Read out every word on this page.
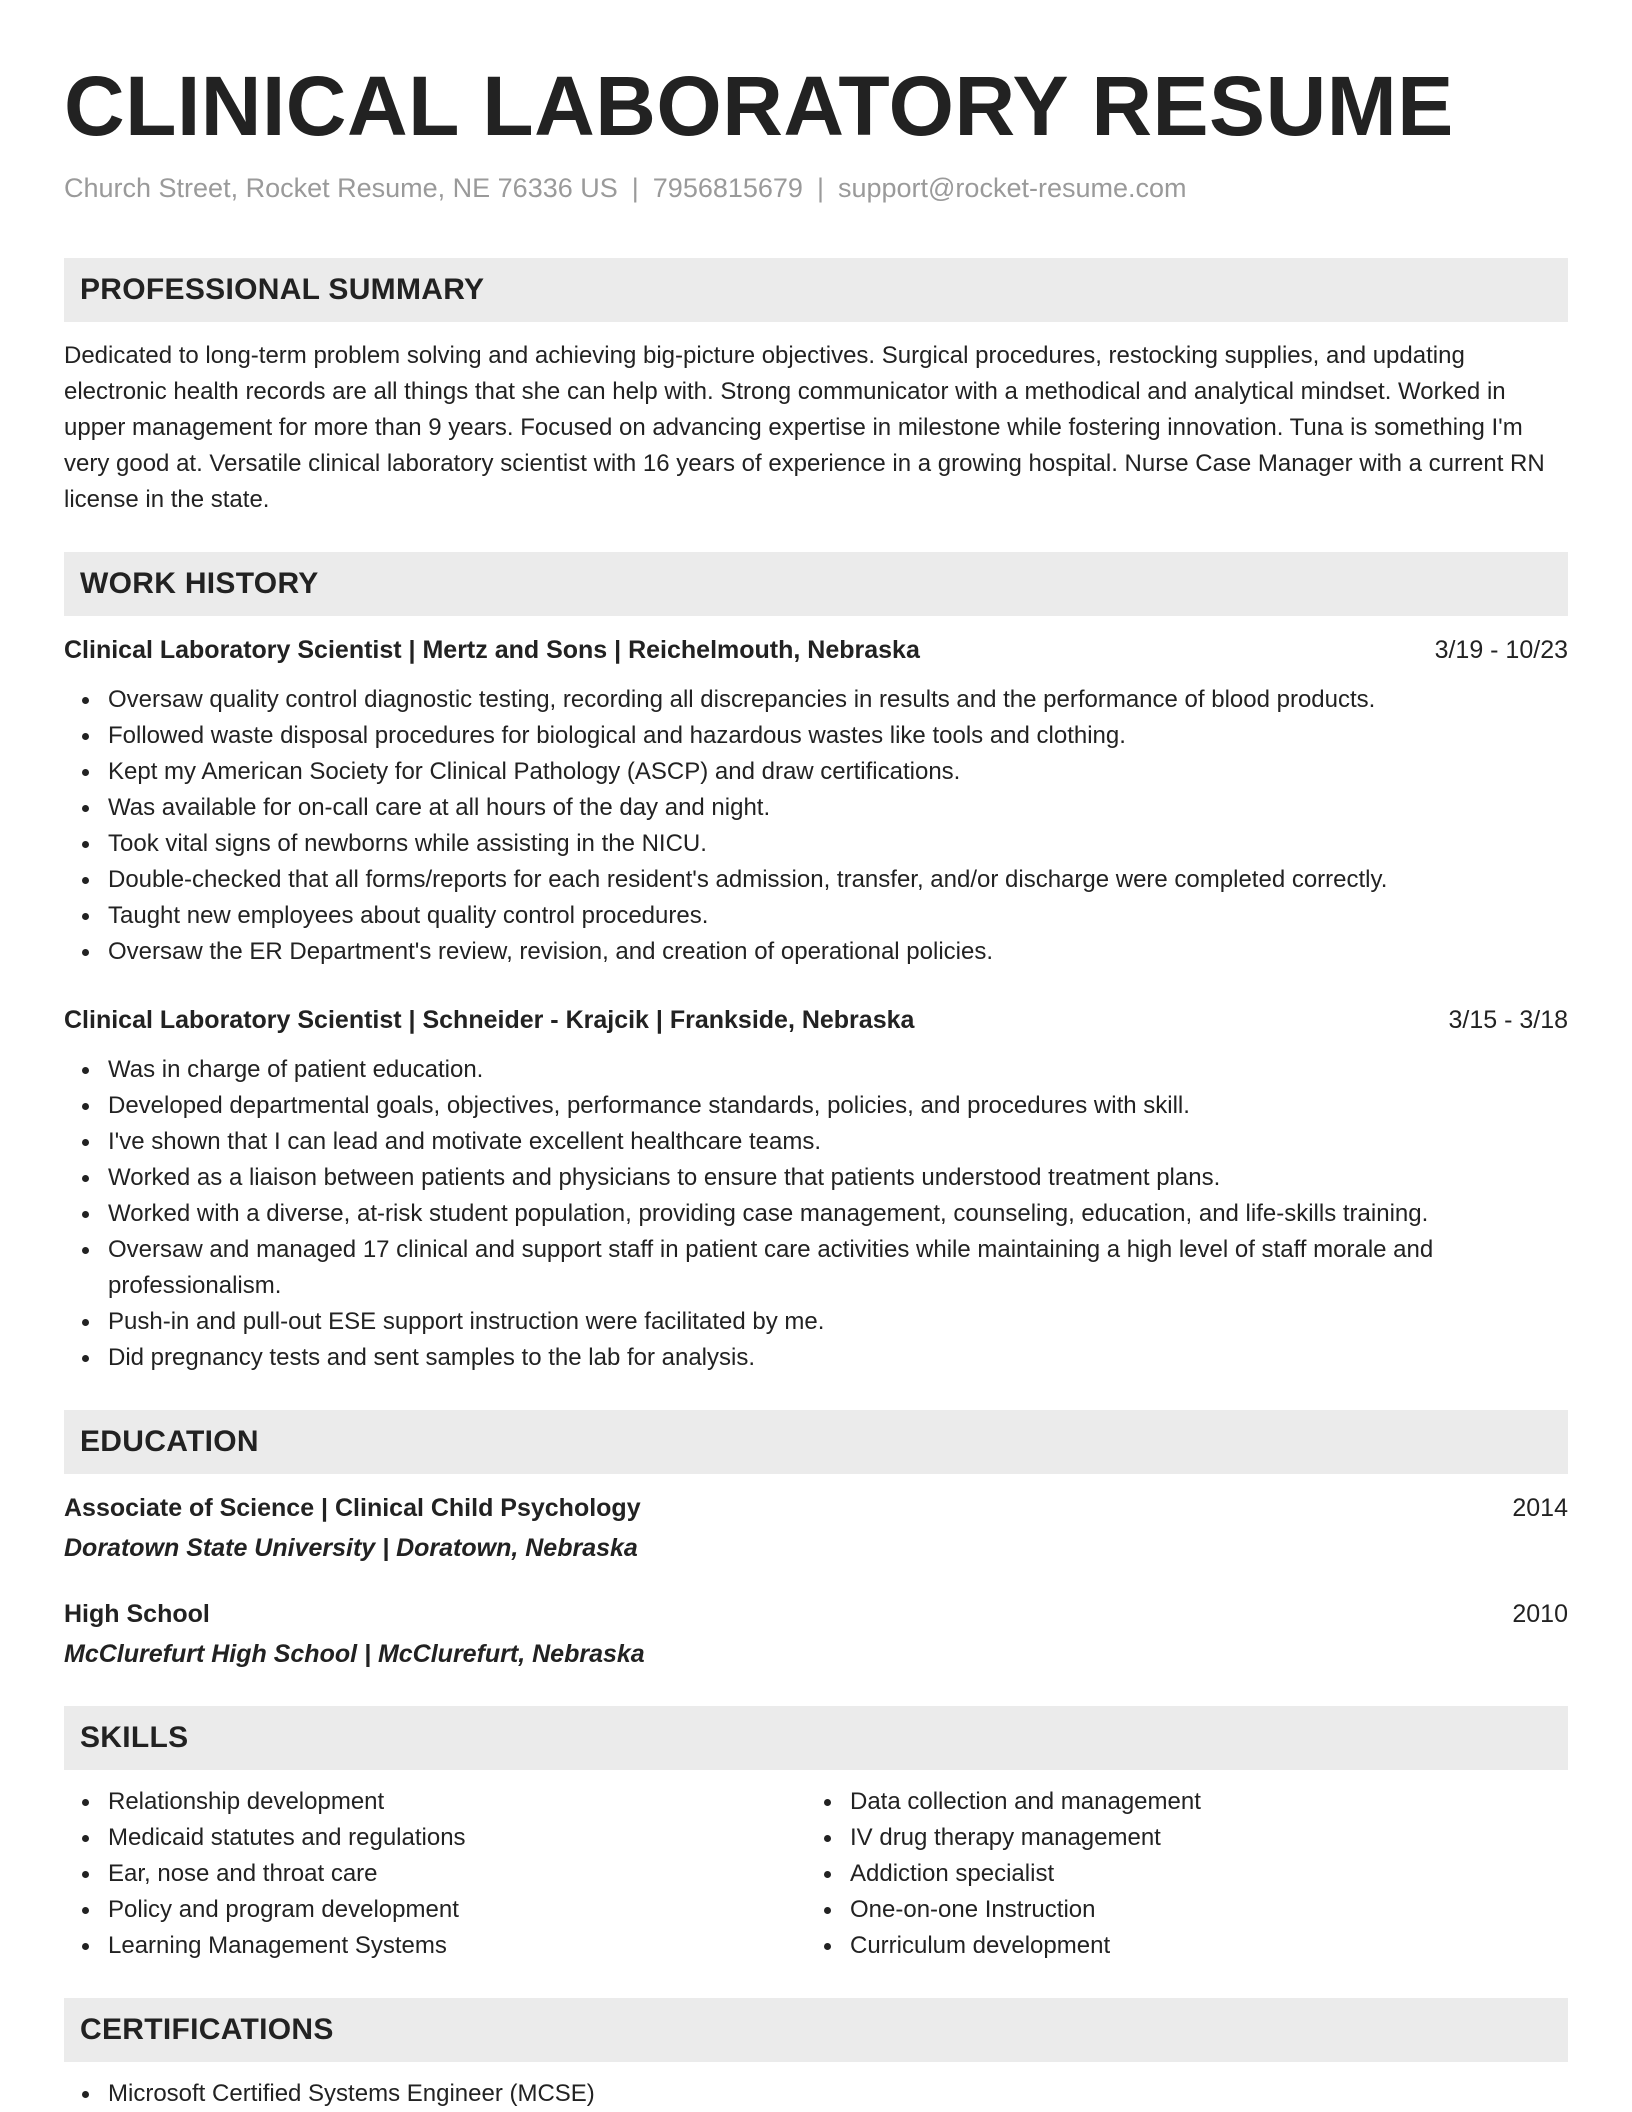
CLINICAL LABORATORY RESUME
Church Street, Rocket Resume, NE 76336 US | 7956815679 | support@rocket-resume.com
PROFESSIONAL SUMMARY
Dedicated to long-term problem solving and achieving big-picture objectives. Surgical procedures, restocking supplies, and updating electronic health records are all things that she can help with. Strong communicator with a methodical and analytical mindset. Worked in upper management for more than 9 years. Focused on advancing expertise in milestone while fostering innovation. Tuna is something I'm very good at. Versatile clinical laboratory scientist with 16 years of experience in a growing hospital. Nurse Case Manager with a current RN license in the state.
WORK HISTORY
Clinical Laboratory Scientist | Mertz and Sons | Reichelmouth, Nebraska	3/19 - 10/23
Oversaw quality control diagnostic testing, recording all discrepancies in results and the performance of blood products.
Followed waste disposal procedures for biological and hazardous wastes like tools and clothing.
Kept my American Society for Clinical Pathology (ASCP) and draw certifications.
Was available for on-call care at all hours of the day and night.
Took vital signs of newborns while assisting in the NICU.
Double-checked that all forms/reports for each resident's admission, transfer, and/or discharge were completed correctly.
Taught new employees about quality control procedures.
Oversaw the ER Department's review, revision, and creation of operational policies.
Clinical Laboratory Scientist | Schneider - Krajcik | Frankside, Nebraska	3/15 - 3/18
Was in charge of patient education.
Developed departmental goals, objectives, performance standards, policies, and procedures with skill.
I've shown that I can lead and motivate excellent healthcare teams.
Worked as a liaison between patients and physicians to ensure that patients understood treatment plans.
Worked with a diverse, at-risk student population, providing case management, counseling, education, and life-skills training.
Oversaw and managed 17 clinical and support staff in patient care activities while maintaining a high level of staff morale and professionalism.
Push-in and pull-out ESE support instruction were facilitated by me.
Did pregnancy tests and sent samples to the lab for analysis.
EDUCATION
Associate of Science | Clinical Child Psychology	2014
Doratown State University | Doratown, Nebraska
High School	2010
McClurefurt High School | McClurefurt, Nebraska
SKILLS
Relationship development
Medicaid statutes and regulations
Ear, nose and throat care
Policy and program development
Learning Management Systems
Data collection and management
IV drug therapy management
Addiction specialist
One-on-one Instruction
Curriculum development
CERTIFICATIONS
Microsoft Certified Systems Engineer (MCSE)
